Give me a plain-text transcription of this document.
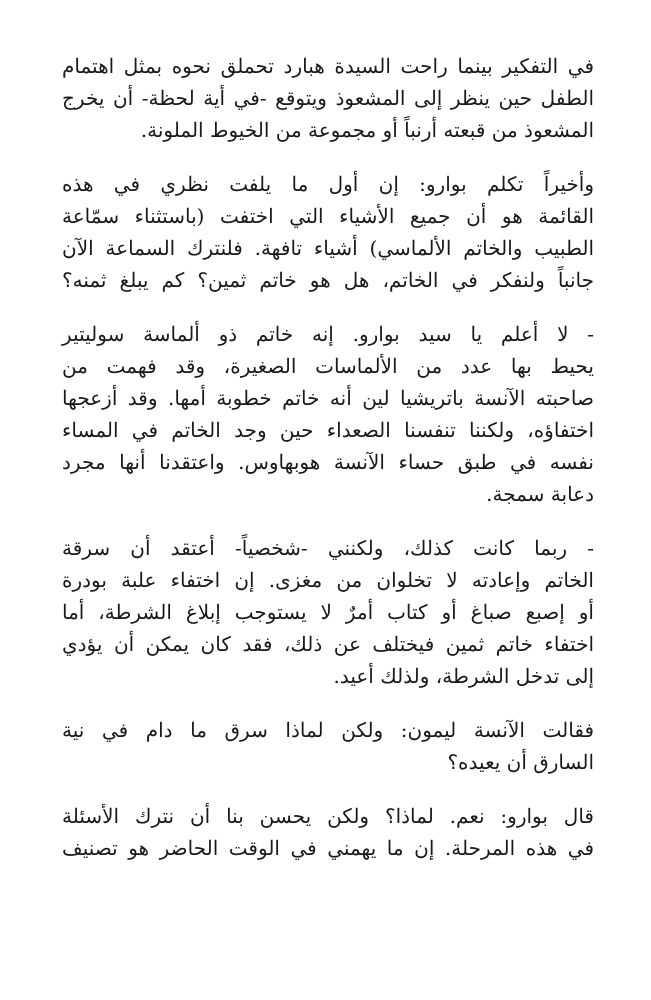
في التفكير بينما راحت السيدة هبارد تحملق نحوه بمثل اهتمام
الطفل حين ينظر إلى المشعوذ ويتوقع -في أية لحظة- أن يخرج
المشعوذ من قبعته أرنباً أو مجموعة من الخيوط الملونة.
وأخيراً تكلم بوارو: إن أول ما يلفت نظري في هذه
القائمة هو أن جميع الأشياء التي اختفت (باستثناء سمّاعة
الطبيب والخاتم الألماسي) أشياء تافهة. فلنترك السماعة الآن
جانباً ولنفكر في الخاتم، هل هو خاتم ثمين؟ كم يبلغ ثمنه؟
- لا أعلم يا سيد بوارو. إنه خاتم ذو ألماسة سوليتير
يحيط بها عدد من الألماسات الصغيرة، وقد فهمت من
صاحبته الآنسة باتريشيا لين أنه خاتم خطوبة أمها. وقد أزعجها
اختفاؤه، ولكننا تنفسنا الصعداء حين وجد الخاتم في المساء
نفسه في طبق حساء الآنسة هوبهاوس. واعتقدنا أنها مجرد
دعابة سمجة.
- ربما كانت كذلك، ولكنني -شخصياً- أعتقد أن سرقة
الخاتم وإعادته لا تخلوان من مغزى. إن اختفاء علبة بودرة
أو إصبع صباغ أو كتاب أمرٌ لا يستوجب إبلاغ الشرطة، أما
اختفاء خاتم ثمين فيختلف عن ذلك، فقد كان يمكن أن يؤدي
إلى تدخل الشرطة، ولذلك أعيد.
فقالت الآنسة ليمون: ولكن لماذا سرق ما دام في نية
السارق أن يعيده؟
قال بوارو: نعم. لماذا؟ ولكن يحسن بنا أن نترك الأسئلة
في هذه المرحلة. إن ما يهمني في الوقت الحاضر هو تصنيف
